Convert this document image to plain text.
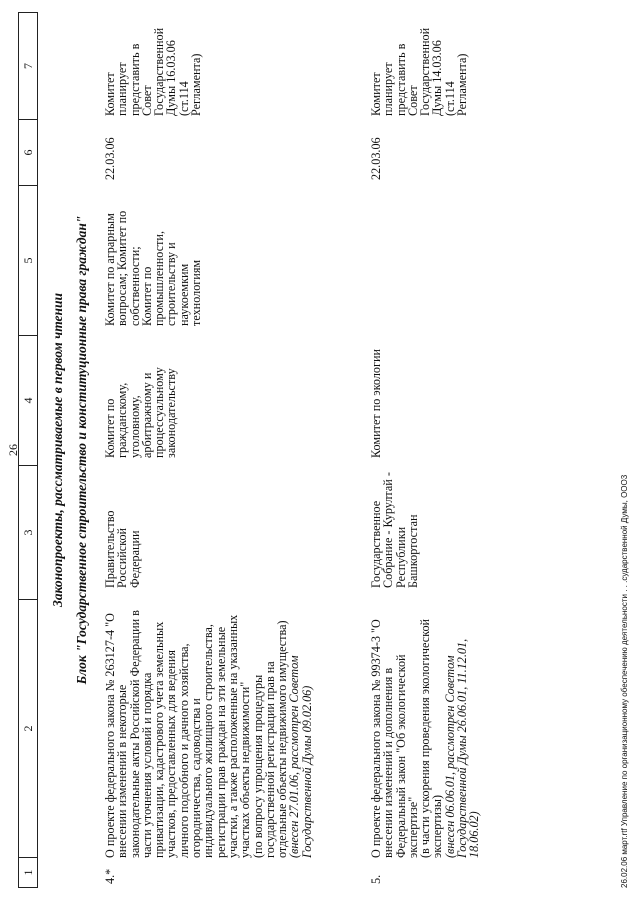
26
1
2
3
4
5
6
7
Законопроекты, рассматриваемые в первом чтении Блок "Государственное строительство и конституционные права граждан"
4.*
О проекте федерального закона № 263127-4 "О внесении изменений в некоторые законодательные акты Российской Федерации в части уточнения условий и порядка приватизации, кадастрового учета земельных участков, предоставленных для ведения личного подсобного и дачного хозяйства, огородничества, садоводства и индивидуального жилищного строительства, регистрации прав граждан на эти земельные участки, а также расположенные на указанных участках объекты недвижимости"
(по вопросу упрощения процедуры государственной регистрации прав на отдельные объекты недвижимого имущества)
(внесен 27.01.06, рассмотрен Советом Государственной Думы 09.02.06)
Правительство Российской Федерации
Комитет по гражданскому, уголовному, арбитражному и процессуальному законодательству
Комитет по аграрным вопросам; Комитет по собственности; Комитет по промышленности, строительству и наукоемким технологиям
22.03.06
Комитет планирует представить в Совет Государственной Думы 16.03.06 (ст.114 Регламента)
5.
О проекте федерального закона № 99374-3 "О внесении изменений и дополнения в Федеральный закон "Об экологической экспертизе"
(в части ускорения проведения экологической экспертизы)
(внесен 06.06.01, рассмотрен Советом Государственной Думы 26.06.01, 11.12.01, 18.06.02)
Государственное Собрание - Курултай - Республики Башкортостан
Комитет по экологии
22.03.06
Комитет планирует представить в Совет Государственной Думы 14.03.06 (ст.114 Регламента)
26.02.06 март.rtf Управление по организационному обеспечению деятельности . . .сударственной Думы, ООО3
